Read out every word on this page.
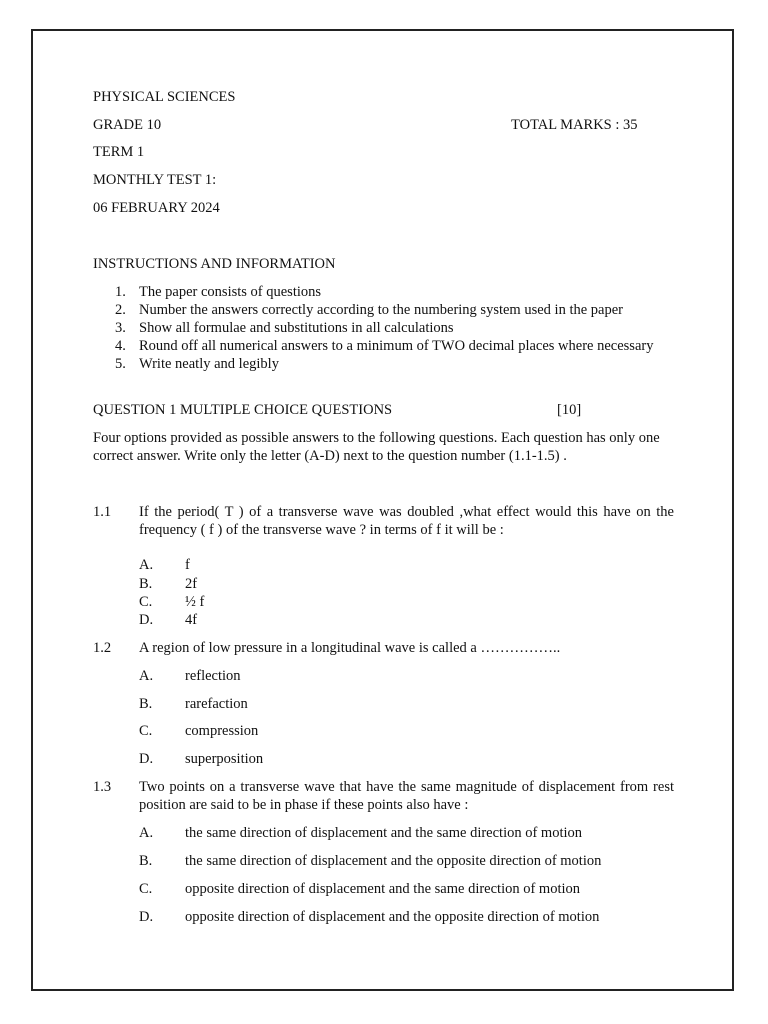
PHYSICAL SCIENCES
GRADE 10	TOTAL MARKS : 35
TERM 1
MONTHLY TEST 1:
06 FEBRUARY 2024
INSTRUCTIONS AND INFORMATION
1. The paper consists of questions
2. Number the answers correctly according to the numbering system used in the paper
3. Show all formulae and substitutions in all calculations
4. Round off all numerical answers to a minimum of TWO decimal places where necessary
5. Write neatly and legibly
QUESTION 1 MULTIPLE CHOICE QUESTIONS	[10]
Four options provided as possible answers to the following questions. Each question has only one correct answer. Write only the letter (A-D) next to the question number (1.1-1.5) .
1.1 If the period( T ) of a transverse wave was doubled ,what effect would this have on the frequency ( f ) of the transverse wave ? in terms of f it will be :
A. f
B. 2f
C. ½ f
D. 4f
1.2 A region of low pressure in a longitudinal wave is called a ……………..
A. reflection
B. rarefaction
C. compression
D. superposition
1.3 Two points on a transverse wave that have the same magnitude of displacement from rest position are said to be in phase if these points also have :
A. the same direction of displacement and the same direction of motion
B. the same direction of displacement and the opposite direction of motion
C. opposite direction of displacement and the same direction of motion
D. opposite direction of displacement and the opposite direction of motion
